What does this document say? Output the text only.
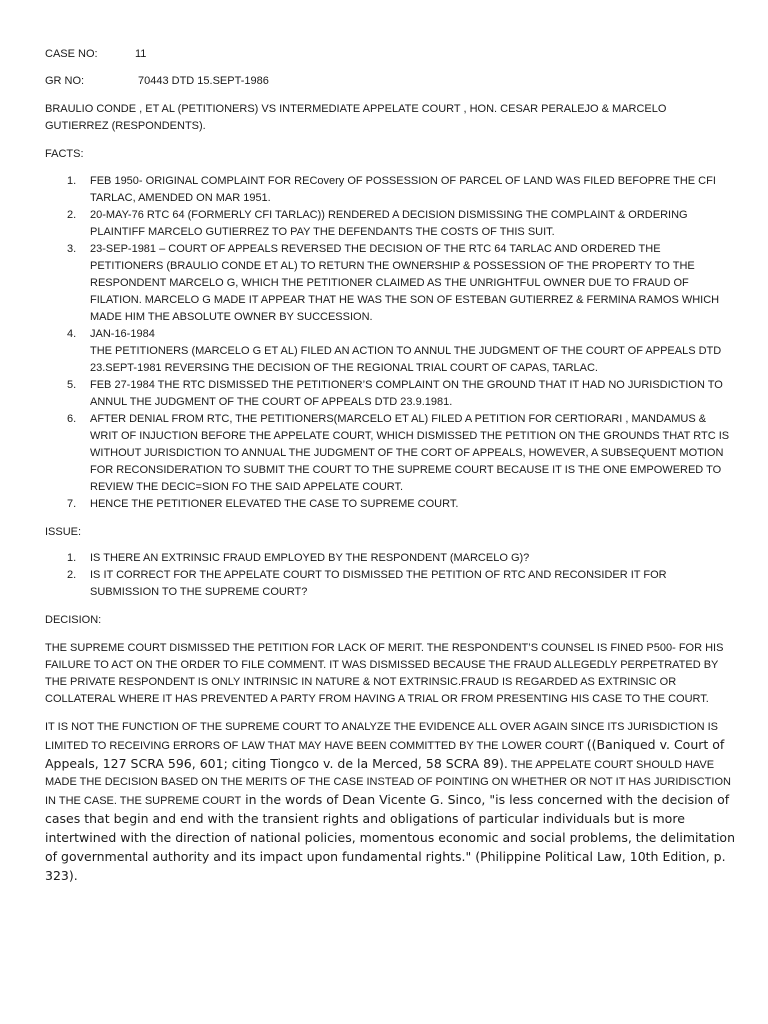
CASE NO:	11
GR NO:	70443 DTD 15.SEPT-1986
BRAULIO CONDE , ET AL (PETITIONERS) VS INTERMEDIATE APPELATE COURT , HON. CESAR PERALEJO & MARCELO GUTIERREZ (RESPONDENTS).
FACTS:
1. FEB 1950- ORIGINAL COMPLAINT FOR RECovery OF POSSESSION OF PARCEL OF LAND WAS FILED BEFOPRE THE CFI TARLAC, AMENDED ON MAR 1951.
2. 20-MAY-76 RTC 64 (FORMERLY CFI TARLAC)) RENDERED A DECISION DISMISSING THE COMPLAINT & ORDERING PLAINTIFF MARCELO GUTIERREZ TO PAY THE DEFENDANTS THE COSTS OF THIS SUIT.
3. 23-SEP-1981 – COURT OF APPEALS REVERSED THE DECISION OF THE RTC 64 TARLAC AND ORDERED THE PETITIONERS (BRAULIO CONDE ET AL) TO RETURN THE OWNERSHIP & POSSESSION OF THE PROPERTY TO THE RESPONDENT MARCELO G, WHICH THE PETITIONER CLAIMED AS THE UNRIGHTFUL OWNER DUE TO FRAUD OF FILATION. MARCELO G MADE IT APPEAR THAT HE WAS THE SON OF ESTEBAN GUTIERREZ & FERMINA RAMOS WHICH MADE HIM THE ABSOLUTE OWNER BY SUCCESSION.
4. JAN-16-1984
THE PETITIONERS (MARCELO G ET AL) FILED AN ACTION TO ANNUL THE JUDGMENT OF THE COURT OF APPEALS DTD 23.SEPT-1981 REVERSING THE DECISION OF THE REGIONAL TRIAL COURT OF CAPAS, TARLAC.
5. FEB 27-1984 THE RTC DISMISSED THE PETITIONER’S COMPLAINT ON THE GROUND THAT IT HAD NO JURISDICTION TO ANNUL THE JUDGMENT OF THE COURT OF APPEALS DTD 23.9.1981.
6. AFTER DENIAL FROM RTC, THE PETITIONERS(MARCELO ET AL) FILED A PETITION FOR CERTIORARI , MANDAMUS & WRIT OF INJUCTION BEFORE THE APPELATE COURT, WHICH DISMISSED THE PETITION ON THE GROUNDS THAT RTC IS WITHOUT JURISDICTION TO ANNUAL THE JUDGMENT OF THE CORT OF APPEALS, HOWEVER, A SUBSEQUENT MOTION FOR RECONSIDERATION TO SUBMIT THE COURT TO THE SUPREME COURT BECAUSE IT IS THE ONE EMPOWERED TO REVIEW THE DECIC=SION FO THE SAID APPELATE COURT.
7. HENCE THE PETITIONER ELEVATED THE CASE TO SUPREME COURT.
ISSUE:
1. IS THERE AN EXTRINSIC FRAUD EMPLOYED BY THE RESPONDENT (MARCELO G)?
2. IS IT CORRECT FOR THE APPELATE COURT TO DISMISSED THE PETITION OF RTC AND RECONSIDER IT FOR SUBMISSION TO THE SUPREME COURT?
DECISION:
THE SUPREME COURT DISMISSED THE PETITION FOR LACK OF MERIT. THE RESPONDENT’S COUNSEL IS FINED P500- FOR HIS FAILURE TO ACT ON THE ORDER TO FILE COMMENT. IT WAS DISMISSED BECAUSE THE FRAUD ALLEGEDLY PERPETRATED BY THE PRIVATE RESPONDENT IS ONLY INTRINSIC IN NATURE & NOT EXTRINSIC.FRAUD IS REGARDED AS EXTRINSIC OR COLLATERAL WHERE IT HAS PREVENTED A PARTY FROM HAVING A TRIAL OR FROM PRESENTING HIS CASE TO THE COURT.
IT IS NOT THE FUNCTION OF THE SUPREME COURT TO ANALYZE THE EVIDENCE ALL OVER AGAIN SINCE ITS JURISDICTION IS LIMITED TO RECEIVING ERRORS OF LAW THAT MAY HAVE BEEN COMMITTED BY THE LOWER COURT ((Baniqued v. Court of Appeals, 127 SCRA 596, 601; citing Tiongco v. de la Merced, 58 SCRA 89). THE APPELATE COURT SHOULD HAVE MADE THE DECISION BASED ON THE MERITS OF THE CASE INSTEAD OF POINTING ON WHETHER OR NOT IT HAS JURIDISCTION IN THE CASE. THE SUPREME COURT in the words of Dean Vicente G. Sinco, "is less concerned with the decision of cases that begin and end with the transient rights and obligations of particular individuals but is more intertwined with the direction of national policies, momentous economic and social problems, the delimitation of governmental authority and its impact upon fundamental rights." (Philippine Political Law, 10th Edition, p. 323).
